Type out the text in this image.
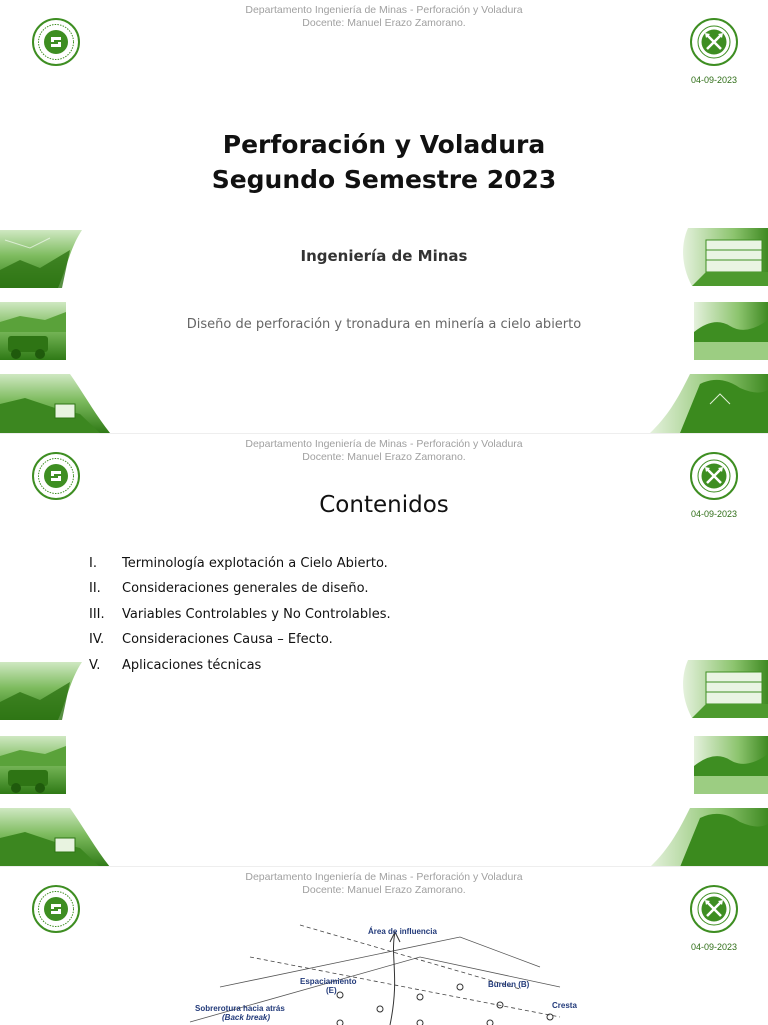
Departamento Ingeniería de Minas - Perforación y Voladura
Docente: Manuel Erazo Zamorano.
04-09-2023
Perforación y Voladura
Segundo Semestre 2023
Ingeniería de Minas
Diseño de perforación y tronadura en minería a cielo abierto
Departamento Ingeniería de Minas - Perforación y Voladura
Docente: Manuel Erazo Zamorano.
04-09-2023
Contenidos
I. Terminología explotación a Cielo Abierto.
II. Consideraciones generales de diseño.
III. Variables Controlables y No Controlables.
IV. Consideraciones Causa – Efecto.
V. Aplicaciones técnicas
Departamento Ingeniería de Minas - Perforación y Voladura
Docente: Manuel Erazo Zamorano.
04-09-2023
Área de influencia
Espaciamiento
(E)
Burden (B)
Cresta
Sobrerotura hacia atrás
(Back break)
